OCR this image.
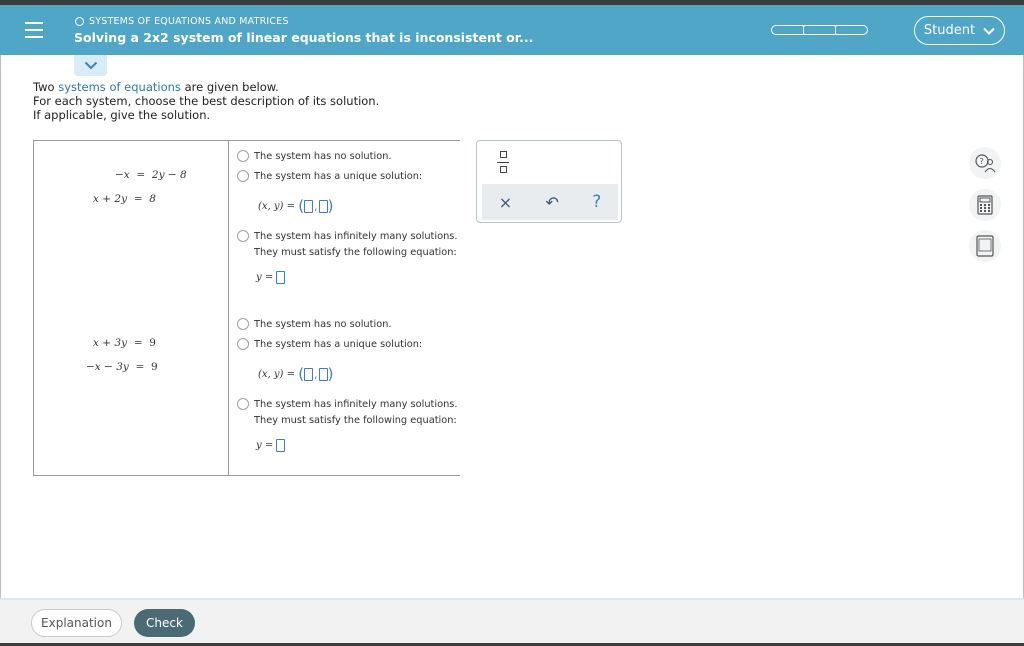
SYSTEMS OF EQUATIONS AND MATRICES
Solving a 2x2 system of linear equations that is inconsistent or...	Student
Two systems of equations are given below.
For each system, choose the best description of its solution.
If applicable, give the solution.
−x = 2y − 8
x + 2y = 8
The system has no solution.
The system has a unique solution:
(x, y) =
( , )
The system has infinitely many solutions.
They must satisfy the following equation:
y =

x + 3y = 9
−x − 3y = 9
The system has no solution.
The system has a unique solution:
(x, y) =
( , )
The system has infinitely many solutions.
They must satisfy the following equation:
y =

× ↶ ?
?
Explanation	Check
